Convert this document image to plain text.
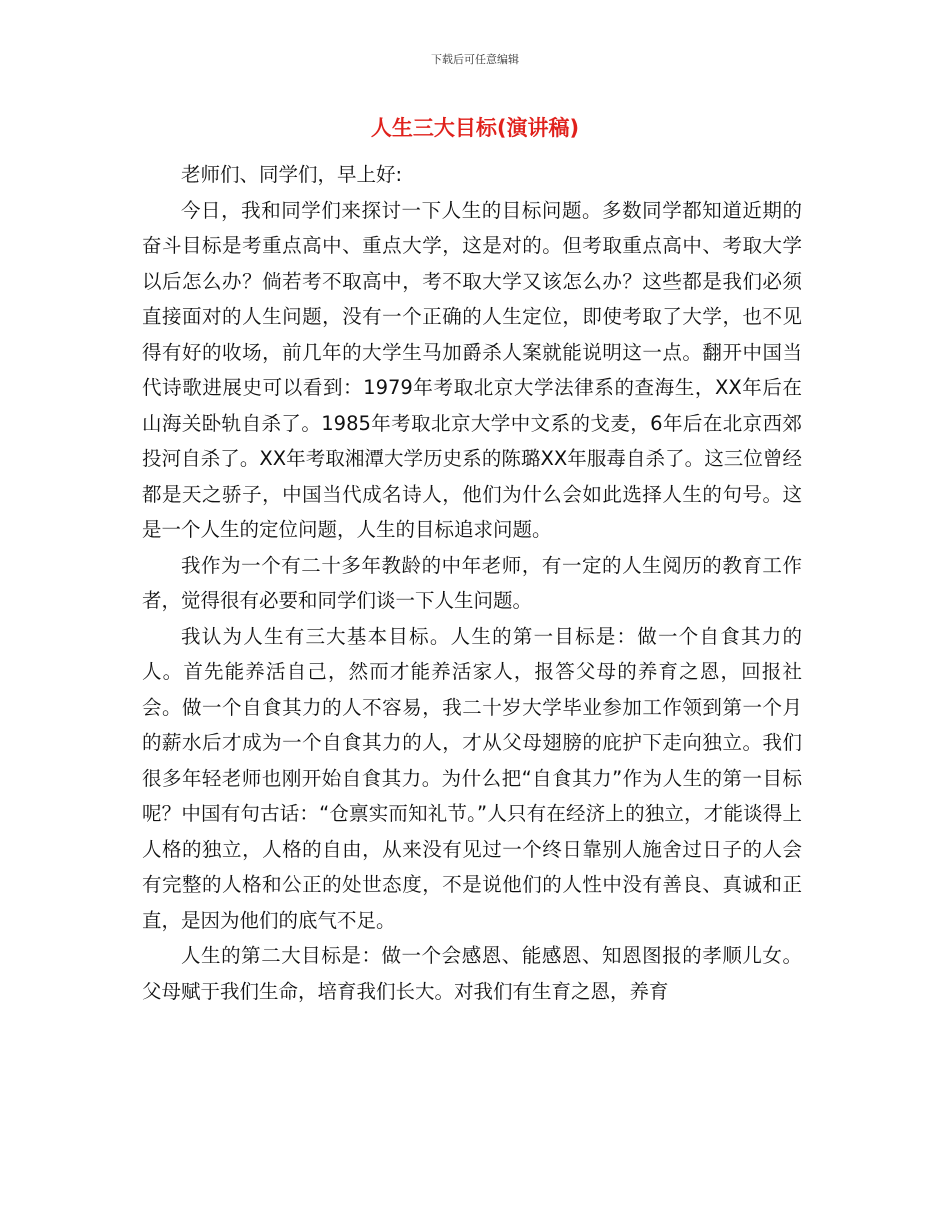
下载后可任意编辑
人生三大目标(演讲稿)

老师们、同学们，早上好:

今日，我和同学们来探讨一下人生的目标问题。多数同学都知道近期的奋斗目标是考重点高中、重点大学，这是对的。但考取重点高中、考取大学以后怎么办？倘若考不取高中，考不取大学又该怎么办？这些都是我们必须直接面对的人生问题，没有一个正确的人生定位，即使考取了大学，也不见得有好的收场，前几年的大学生马加爵杀人案就能说明这一点。翻开中国当代诗歌进展史可以看到：1979年考取北京大学法律系的查海生，XX年后在山海关卧轨自杀了。1985年考取北京大学中文系的戈麦，6年后在北京西郊投河自杀了。XX年考取湘潭大学历史系的陈璐XX年服毒自杀了。这三位曾经都是天之骄子，中国当代成名诗人，他们为什么会如此选择人生的句号。这是一个人生的定位问题，人生的目标追求问题。

我作为一个有二十多年教龄的中年老师，有一定的人生阅历的教育工作者，觉得很有必要和同学们谈一下人生问题。

我认为人生有三大基本目标。人生的第一目标是：做一个自食其力的人。首先能养活自己，然而才能养活家人，报答父母的养育之恩，回报社会。做一个自食其力的人不容易，我二十岁大学毕业参加工作领到第一个月的薪水后才成为一个自食其力的人，才从父母翅膀的庇护下走向独立。我们很多年轻老师也刚开始自食其力。为什么把“自食其力”作为人生的第一目标呢？中国有句古话：“仓禀实而知礼节。”人只有在经济上的独立，才能谈得上人格的独立，人格的自由，从来没有见过一个终日靠别人施舍过日子的人会有完整的人格和公正的处世态度，不是说他们的人性中没有善良、真诚和正直，是因为他们的底气不足。

人生的第二大目标是：做一个会感恩、能感恩、知恩图报的孝顺儿女。父母赋于我们生命，培育我们长大。对我们有生育之恩，养育
